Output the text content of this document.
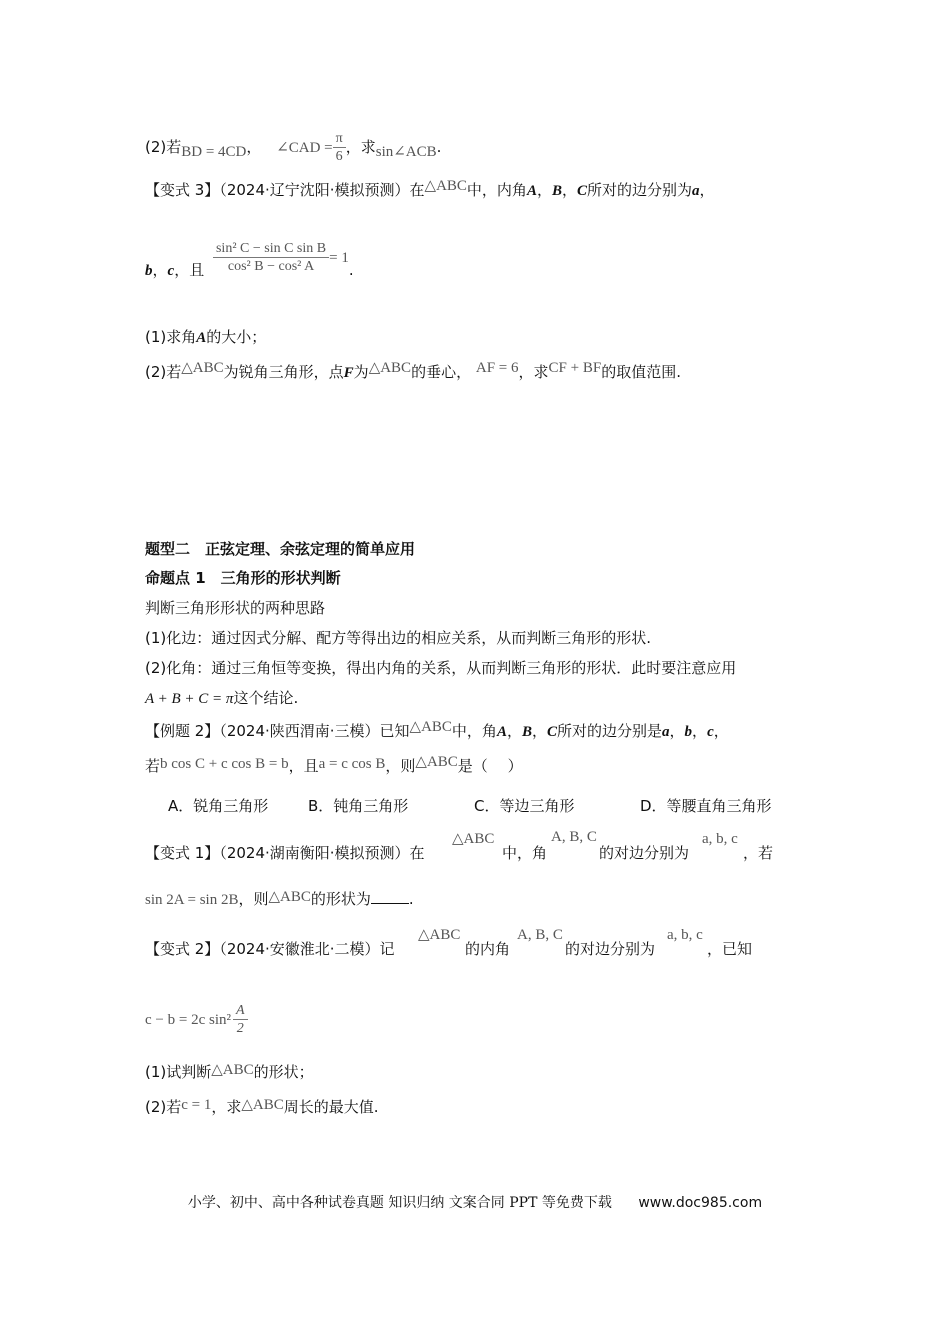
(2)若BD = 4CD， ∠CAD = $\frac{\pi}{6}$ ，求sin∠ACB.
【变式 3】（2024·辽宁沈阳·模拟预测）在△ABC中，内角A，B，C所对的边分别为a，
b，c，且 $\frac{\text{sin² C − sin C sin B}}{\text{cos² B − cos² A}} = 1$.
(1)求角A的大小；
(2)若△ABC为锐角三角形，点F为△ABC的垂心， AF = 6，求CF + BF的取值范围.
题型二　正弦定理、余弦定理的简单应用
命题点 1　三角形的形状判断
判断三角形形状的两种思路
(1)化边：通过因式分解、配方等得出边的相应关系，从而判断三角形的形状.
(2)化角：通过三角恒等变换，得出内角的关系，从而判断三角形的形状．此时要注意应用
A + B + C = π这个结论.
【例题 2】（2024·陕西渭南·三模）已知△ABC中，角A，B，C所对的边分别是a，b，c，
若b cos C + c cos B = b，且a = c cos B，则△ABC是（　 ）
A．锐角三角形	B．钝角三角形	C．等边三角形	D．等腰直角三角形
【变式 1】（2024·湖南衡阳·模拟预测）在
△ABC
中，角
A, B, C
的对边分别为
a, b, c
，若
sin 2A = sin 2B，则△ABC的形状为	.
【变式 2】（2024·安徽淮北·二模）记
△ABC
的内角
A, B, C
的对边分别为
a, b, c
，已知
c − b = 2c $\sin^2 \frac{A}{2}$
(1)试判断△ABC的形状；
(2)若c = 1，求△ABC周长的最大值.
小学、初中、高中各种试卷真题 知识归纳 文案合同 PPT 等免费下载 www.doc985.com
